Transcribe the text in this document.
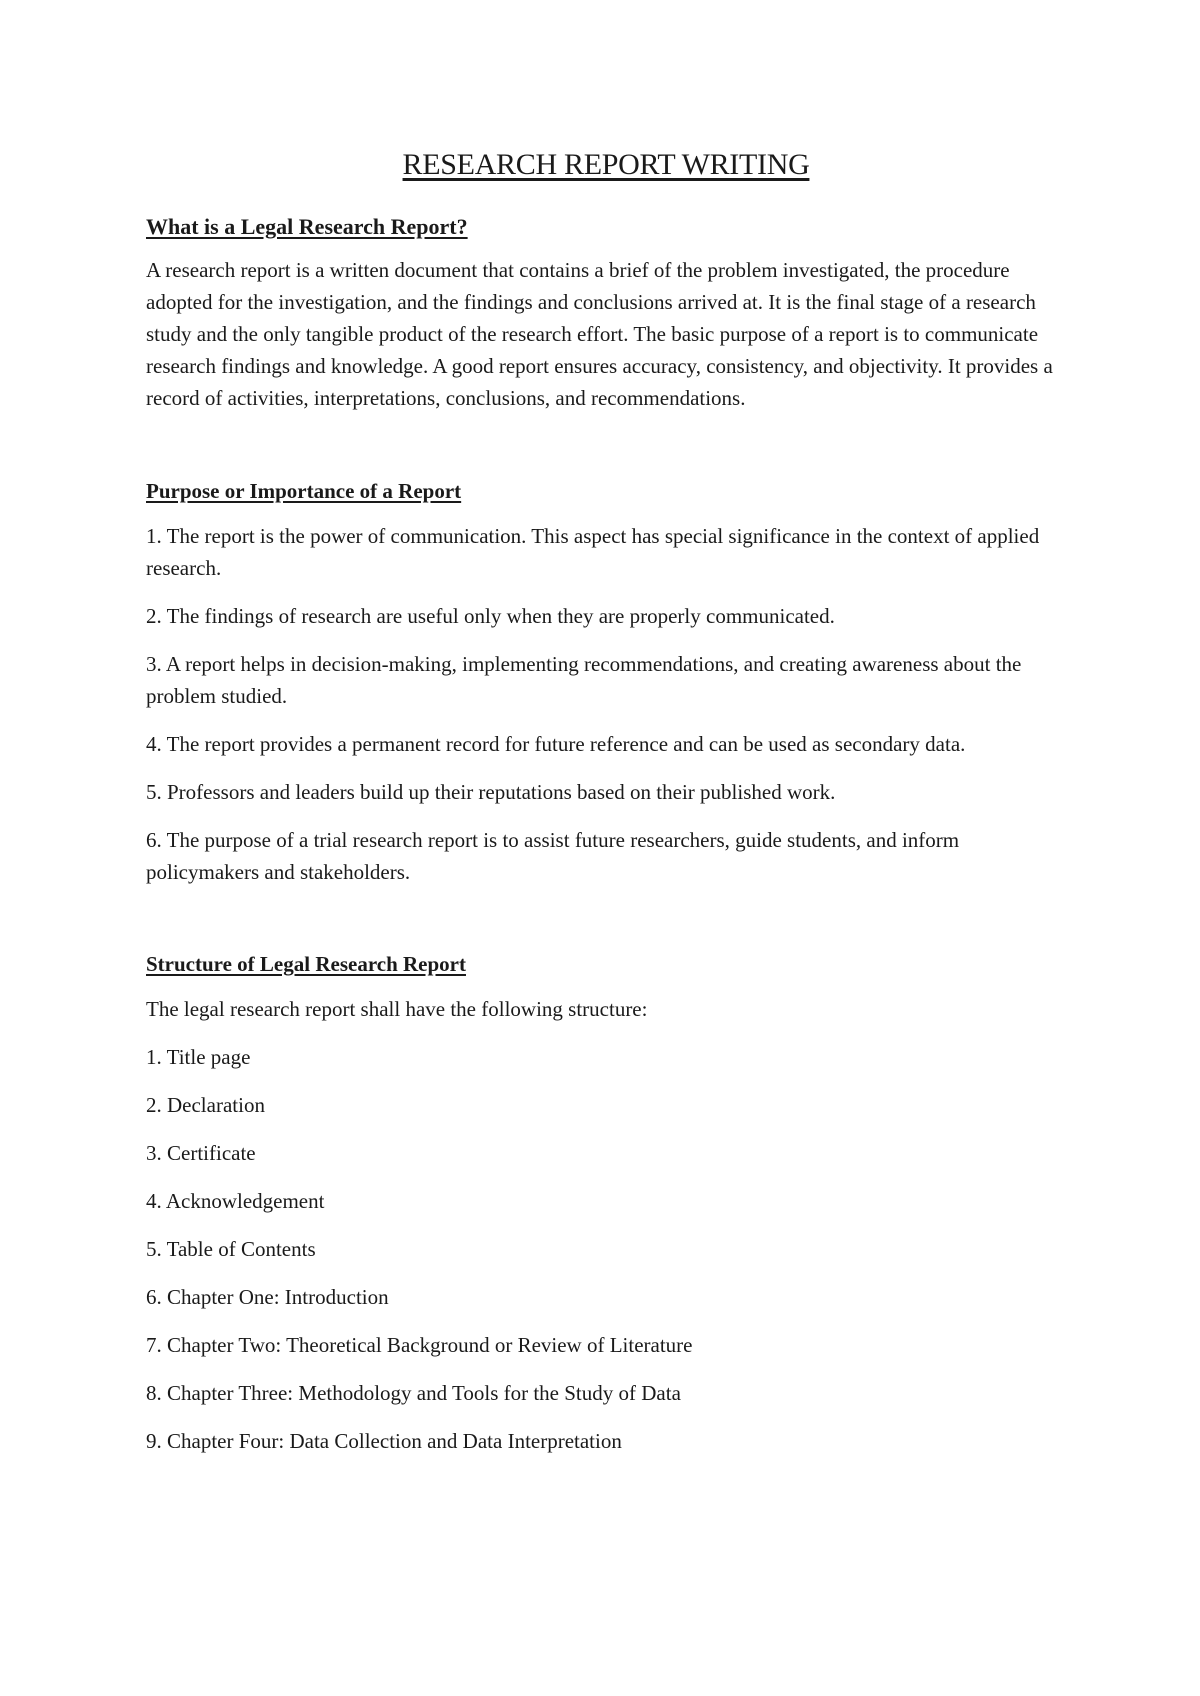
RESEARCH REPORT WRITING
What is a Legal Research Report?

A research report is a written document that contains a brief of the problem investigated, the procedure adopted for the investigation, and the findings and conclusions arrived at. It is the final stage of a research study and the only tangible product of the research effort. The basic purpose of a report is to communicate research findings and knowledge. A good report ensures accuracy, consistency, and objectivity. It provides a record of activities, interpretations, conclusions, and recommendations.

Purpose or Importance of a Report

1. The report is the power of communication. This aspect has special significance in the context of applied research.

2. The findings of research are useful only when they are properly communicated.

3. A report helps in decision-making, implementing recommendations, and creating awareness about the problem studied.

4. The report provides a permanent record for future reference and can be used as secondary data.

5. Professors and leaders build up their reputations based on their published work.

6. The purpose of a trial research report is to assist future researchers, guide students, and inform policymakers and stakeholders.

Structure of Legal Research Report

The legal research report shall have the following structure:

1. Title page

2. Declaration

3. Certificate

4. Acknowledgement

5. Table of Contents

6. Chapter One: Introduction

7. Chapter Two: Theoretical Background or Review of Literature

8. Chapter Three: Methodology and Tools for the Study of Data

9. Chapter Four: Data Collection and Data Interpretation
